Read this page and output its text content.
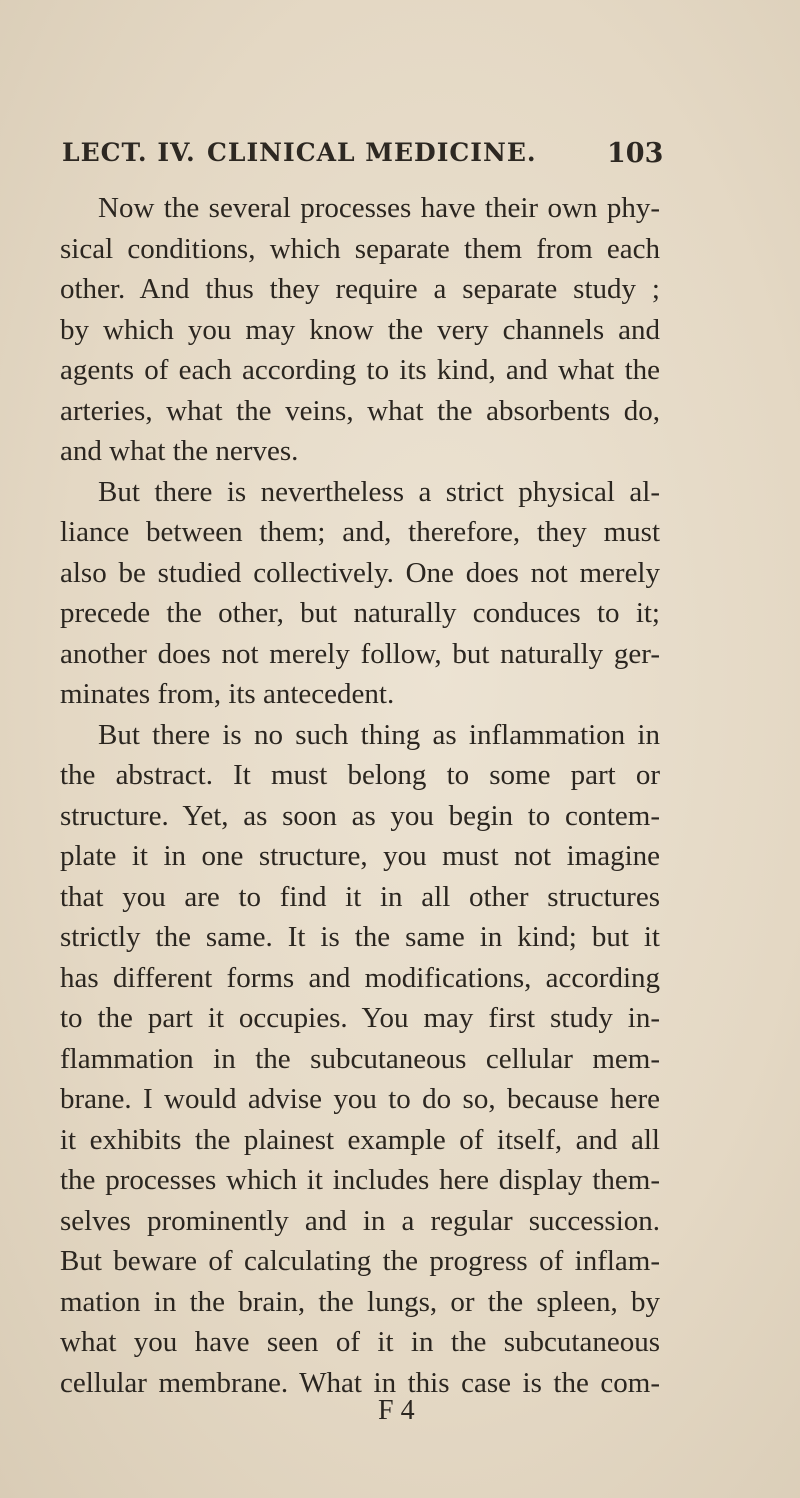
LECT. IV. CLINICAL MEDICINE.	103
Now the several processes have their own phy-
sical conditions, which separate them from each
other. And thus they require a separate study ;
by which you may know the very channels and
agents of each according to its kind, and what the
arteries, what the veins, what the absorbents do,
and what the nerves.
But there is nevertheless a strict physical al-
liance between them; and, therefore, they must
also be studied collectively. One does not merely
precede the other, but naturally conduces to it;
another does not merely follow, but naturally ger-
minates from, its antecedent.
But there is no such thing as inflammation in
the abstract. It must belong to some part or
structure. Yet, as soon as you begin to contem-
plate it in one structure, you must not imagine
that you are to find it in all other structures
strictly the same. It is the same in kind; but it
has different forms and modifications, according
to the part it occupies. You may first study in-
flammation in the subcutaneous cellular mem-
brane. I would advise you to do so, because here
it exhibits the plainest example of itself, and all
the processes which it includes here display them-
selves prominently and in a regular succession.
But beware of calculating the progress of inflam-
mation in the brain, the lungs, or the spleen, by
what you have seen of it in the subcutaneous
cellular membrane. What in this case is the com-
F 4
